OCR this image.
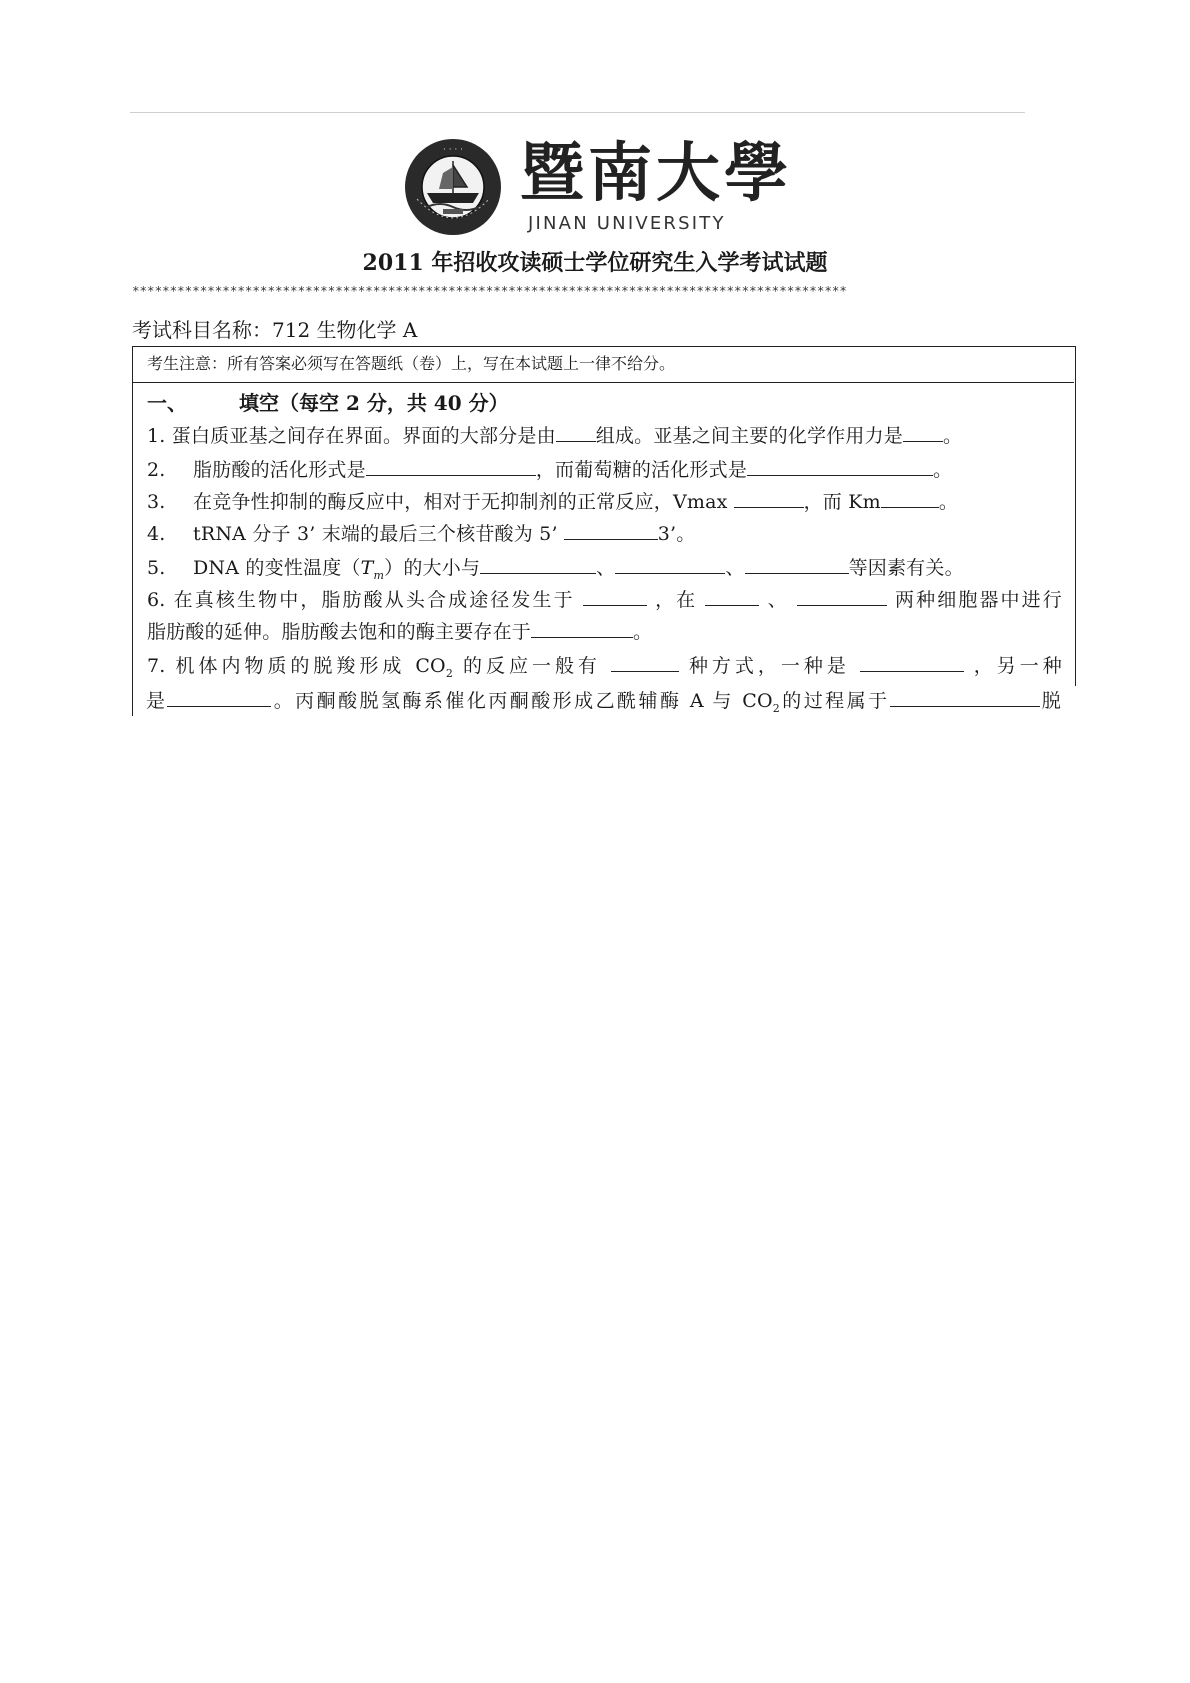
· · · · 暨南大學
JINAN UNIVERSITY
2011 年招收攻读硕士学位研究生入学考试试题
***********************************************************************************************
考试科目名称：712 生物化学 A
考生注意：所有答案必须写在答题纸（卷）上，写在本试题上一律不给分。
一、	填空（每空 2 分，共 40 分）
1. 蛋白质亚基之间存在界面。界面的大部分是由 组成。亚基之间主要的化学作用力是 。
2. 脂肪酸的活化形式是	，而葡萄糖的活化形式是	。
3. 在竞争性抑制的酶反应中，相对于无抑制剂的正常反应，Vmax	，而 Km	。
4. tRNA 分子 3’ 末端的最后三个核苷酸为 5’	3’。
5. DNA 的变性温度$(T_m)$的大小与	、	、	等因素有关。
6. 在真核生物中，脂肪酸从头合成途径发生于	，在	、	两种细胞器中进行
脂肪酸的延伸。脂肪酸去饱和的酶主要存在于	。
7. 机体内物质的脱羧形成 $CO_2$ 的反应一般有	种方式，一种是	，另一种
是	。丙酮酸脱氢酶系催化丙酮酸形成乙酰辅酶 A 与 $CO_2$的过程属于	脱
